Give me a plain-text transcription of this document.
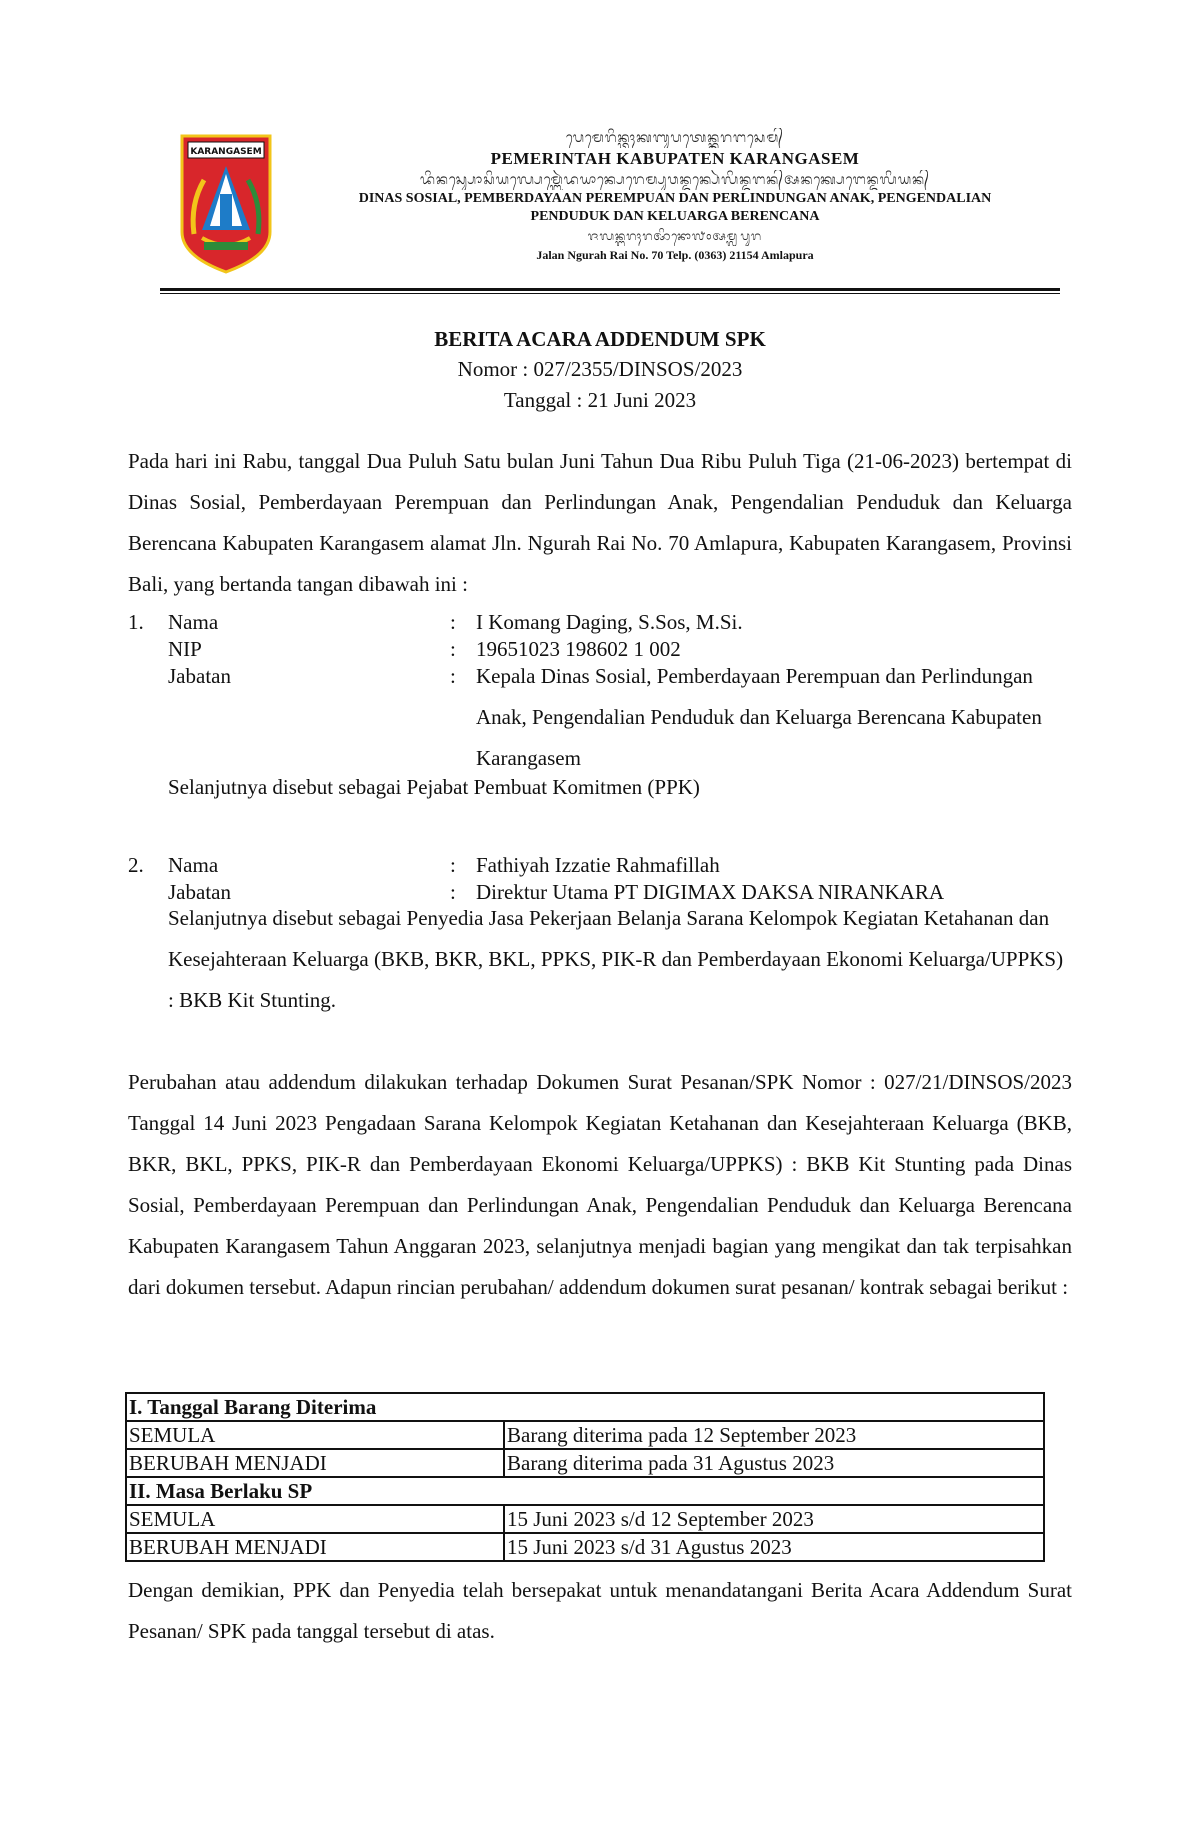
KARANGASEM
ᬧᬾᬫᬾᬭᬶᬦ᭄ᬢᬄᬓᬩᬸᬧᬢᬾᬦ᭄ᬓᬭᬗᬲᬾᬫ᭄
PEMERINTAH KABUPATEN KARANGASEM
ᬤᬶᬦᬲ᭄ᬲᭀᬲᬶᬬᬮ᭄ᬧᬾᬫ᭄ᬩᬾᬃᬤᬬᬵᬦ᭄ᬧᬾᬭᬾᬫ᭄ᬧᬸᬯᬦ᭄ᬤᬦ᭄ᬧᬾᬃᬮᬶᬦ᭄ᬤᬸᬗᬦ᭄ᬅᬦᬓ᭄ᬧᬾᬗᬾᬦ᭄ᬤᬮᬶᬬᬦ᭄
DINAS SOSIAL, PEMBERDAYAAN PEREMPUAN DAN PERLINDUNGAN ANAK, PENGENDALIAN
PENDUDUK DAN KELUARGA BERENCANA
ᬚᬮᬦ᭄ᬗᬸᬭᬄᬭᬆᬶᬦᭀ᭗᭐ᬅᬫ᭄ᬮᬧᬸᬭ
Jalan Ngurah Rai No. 70 Telp. (0363) 21154 Amlapura
BERITA ACARA ADDENDUM SPK
Nomor : 027/2355/DINSOS/2023
Tanggal : 21 Juni 2023
Pada hari ini Rabu, tanggal Dua Puluh Satu bulan Juni Tahun Dua Ribu Puluh Tiga (21-06-2023) bertempat di Dinas Sosial, Pemberdayaan Perempuan dan Perlindungan Anak, Pengendalian Penduduk dan Keluarga Berencana Kabupaten Karangasem alamat Jln. Ngurah Rai No. 70 Amlapura, Kabupaten Karangasem, Provinsi Bali, yang bertanda tangan dibawah ini :
1. Nama	: I Komang Daging, S.Sos, M.Si.
NIP	: 19651023 198602 1 002
Jabatan	: Kepala Dinas Sosial, Pemberdayaan Perempuan dan Perlindungan Anak, Pengendalian Penduduk dan Keluarga Berencana Kabupaten Karangasem
Selanjutnya disebut sebagai Pejabat Pembuat Komitmen (PPK)
2. Nama	: Fathiyah Izzatie Rahmafillah
Jabatan	: Direktur Utama PT DIGIMAX DAKSA NIRANKARA
Selanjutnya disebut sebagai Penyedia Jasa Pekerjaan Belanja Sarana Kelompok Kegiatan Ketahanan dan Kesejahteraan Keluarga (BKB, BKR, BKL, PPKS, PIK-R dan Pemberdayaan Ekonomi Keluarga/UPPKS) : BKB Kit Stunting.
Perubahan atau addendum dilakukan terhadap Dokumen Surat Pesanan/SPK Nomor : 027/21/DINSOS/2023 Tanggal 14 Juni 2023 Pengadaan Sarana Kelompok Kegiatan Ketahanan dan Kesejahteraan Keluarga (BKB, BKR, BKL, PPKS, PIK-R dan Pemberdayaan Ekonomi Keluarga/UPPKS) : BKB Kit Stunting pada Dinas Sosial, Pemberdayaan Perempuan dan Perlindungan Anak, Pengendalian Penduduk dan Keluarga Berencana Kabupaten Karangasem Tahun Anggaran 2023, selanjutnya menjadi bagian yang mengikat dan tak terpisahkan dari dokumen tersebut. Adapun rincian perubahan/ addendum dokumen surat pesanan/ kontrak sebagai berikut :
I. Tanggal Barang Diterima	
SEMULA	Barang diterima pada 12 September 2023
BERUBAH MENJADI	Barang diterima pada 31 Agustus 2023
II. Masa Berlaku SP	
SEMULA	15 Juni 2023 s/d 12 September 2023
BERUBAH MENJADI	15 Juni 2023 s/d 31 Agustus 2023
Dengan demikian, PPK dan Penyedia telah bersepakat untuk menandatangani Berita Acara Addendum Surat Pesanan/ SPK pada tanggal tersebut di atas.
